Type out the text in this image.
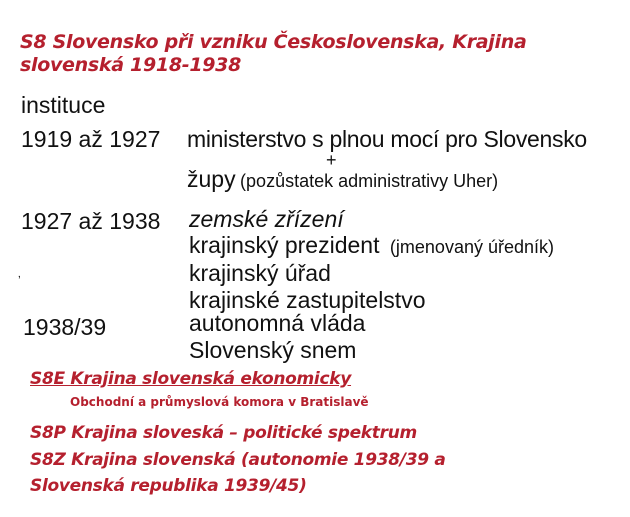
S8 Slovensko při vzniku Československa, Krajina
slovenská 1918-1938
instituce
1919 až 1927 ministerstvo s plnou mocí pro Slovensko
+
župy (pozůstatek administrativy Uher)
1927 až 1938 zemské zřízení
krajinský prezident (jmenovaný úředník)
‚	krajinský úřad
krajinské zastupitelstvo
1938/39	autonomná vláda
Slovenský snem
S8E Krajina slovenská ekonomicky
Obchodní a průmyslová komora v Bratislavě
S8P Krajina sloveská – politické spektrum
S8Z Krajina slovenská (autonomie 1938/39 a
Slovenská republika 1939/45)
